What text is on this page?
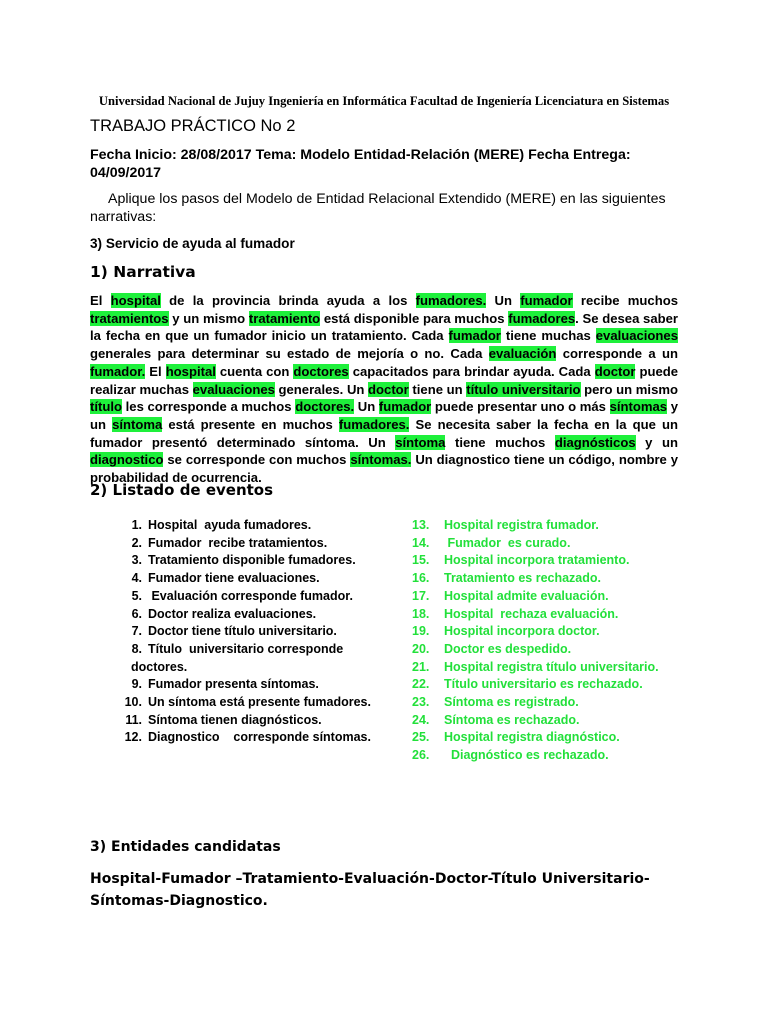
Universidad Nacional de Jujuy Ingeniería en Informática Facultad de Ingeniería Licenciatura en Sistemas
TRABAJO PRÁCTICO No 2
Fecha Inicio: 28/08/2017 Tema: Modelo Entidad-Relación (MERE) Fecha Entrega: 04/09/2017
Aplique los pasos del Modelo de Entidad Relacional Extendido (MERE) en las siguientes narrativas:
3) Servicio de ayuda al fumador
1) Narrativa
El hospital de la provincia brinda ayuda a los fumadores. Un fumador recibe muchos tratamientos y un mismo tratamiento está disponible para muchos fumadores. Se desea saber la fecha en que un fumador inicio un tratamiento. Cada fumador tiene muchas evaluaciones generales para determinar su estado de mejoría o no. Cada evaluación corresponde a un fumador. El hospital cuenta con doctores capacitados para brindar ayuda. Cada doctor puede realizar muchas evaluaciones generales. Un doctor tiene un título universitario pero un mismo título les corresponde a muchos doctores. Un fumador puede presentar uno o más síntomas y un síntoma está presente en muchos fumadores. Se necesita saber la fecha en la que un fumador presentó determinado síntoma. Un síntoma tiene muchos diagnósticos y un diagnostico se corresponde con muchos síntomas. Un diagnostico tiene un código, nombre y probabilidad de ocurrencia.
2) Listado de eventos
1. Hospital  ayuda fumadores.
2. Fumador  recibe tratamientos.
3. Tratamiento disponible fumadores.
4. Fumador tiene evaluaciones.
5. Evaluación corresponde fumador.
6. Doctor realiza evaluaciones.
7. Doctor tiene título universitario.
8. Título  universitario corresponde
doctores.
9. Fumador presenta síntomas.
10. Un síntoma está presente fumadores.
11. Síntoma tienen diagnósticos.
12. Diagnostico    corresponde síntomas.
13. Hospital registra fumador.
14. Fumador  es curado.
15. Hospital incorpora tratamiento.
16. Tratamiento es rechazado.
17. Hospital admite evaluación.
18. Hospital  rechaza evaluación.
19. Hospital incorpora doctor.
20. Doctor es despedido.
21. Hospital registra título universitario.
22. Título universitario es rechazado.
23. Síntoma es registrado.
24. Síntoma es rechazado.
25. Hospital registra diagnóstico.
26.  Diagnóstico es rechazado.
3) Entidades candidatas
Hospital-Fumador –Tratamiento-Evaluación-Doctor-Título Universitario-Síntomas-Diagnostico.
